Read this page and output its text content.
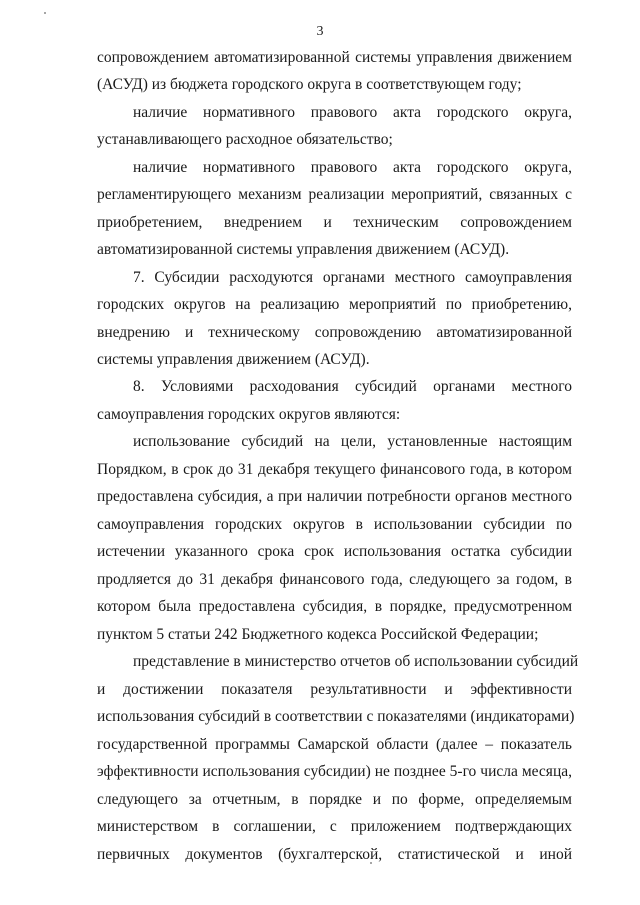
3
сопровождением автоматизированной системы управления движением
(АСУД) из бюджета городского округа в соответствующем году;
наличие нормативного правового акта городского округа,
устанавливающего расходное обязательство;
наличие нормативного правового акта городского округа,
регламентирующего механизм реализации мероприятий, связанных с
приобретением, внедрением и техническим сопровождением
автоматизированной системы управления движением (АСУД).
7. Субсидии расходуются органами местного самоуправления
городских округов на реализацию мероприятий по приобретению,
внедрению и техническому сопровождению автоматизированной
системы управления движением (АСУД).
8. Условиями расходования субсидий органами местного
самоуправления городских округов являются:
использование субсидий на цели, установленные настоящим
Порядком, в срок до 31 декабря текущего финансового года, в котором
предоставлена субсидия, а при наличии потребности органов местного
самоуправления городских округов в использовании субсидии по
истечении указанного срока срок использования остатка субсидии
продляется до 31 декабря финансового года, следующего за годом, в
котором была предоставлена субсидия, в порядке, предусмотренном
пунктом 5 статьи 242 Бюджетного кодекса Российской Федерации;
представление в министерство отчетов об использовании субсидий
и достижении показателя результативности и эффективности
использования субсидий в соответствии с показателями (индикаторами)
государственной программы Самарской области (далее – показатель
эффективности использования субсидии) не позднее 5-го числа месяца,
следующего за отчетным, в порядке и по форме, определяемым
министерством в соглашении, с приложением подтверждающих
первичных документов (бухгалтерской, статистической и иной
